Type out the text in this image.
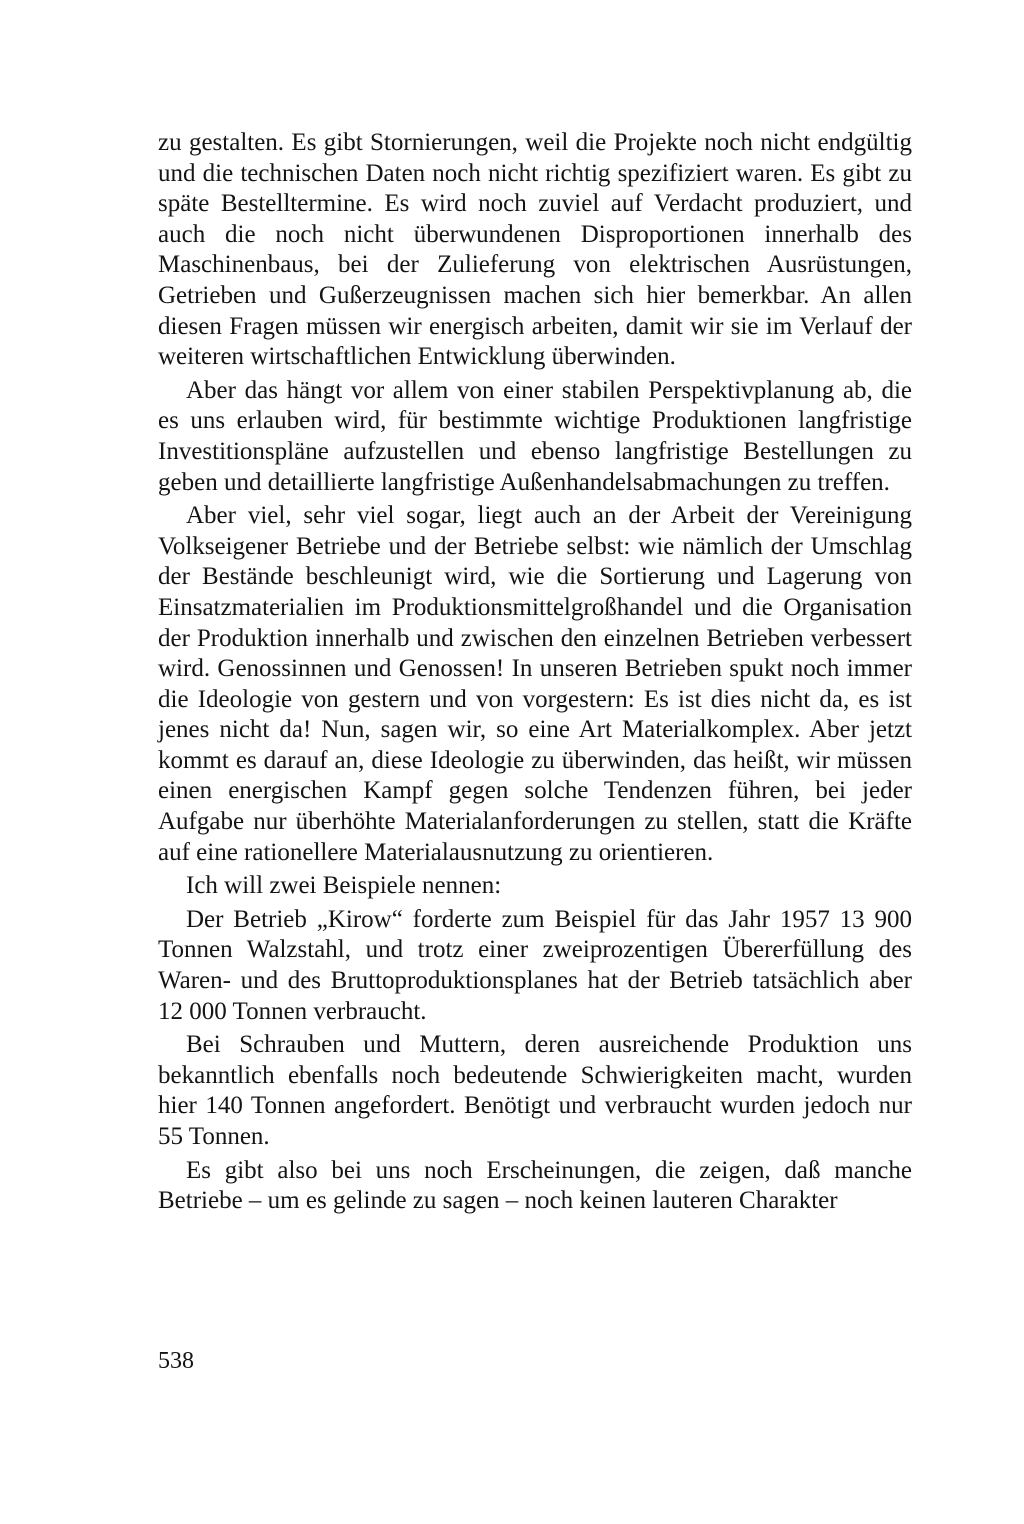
zu gestalten. Es gibt Stornierungen, weil die Projekte noch nicht endgültig und die technischen Daten noch nicht richtig spezifiziert waren. Es gibt zu späte Bestelltermine. Es wird noch zuviel auf Verdacht produziert, und auch die noch nicht überwundenen Disproportionen innerhalb des Maschinenbaus, bei der Zulieferung von elektrischen Ausrüstungen, Getrieben und Gußerzeugnissen machen sich hier bemerkbar. An allen diesen Fragen müssen wir energisch arbeiten, damit wir sie im Verlauf der weiteren wirtschaftlichen Entwicklung überwinden.

Aber das hängt vor allem von einer stabilen Perspektivplanung ab, die es uns erlauben wird, für bestimmte wichtige Produktionen langfristige Investitionspläne aufzustellen und ebenso langfristige Bestellungen zu geben und detaillierte langfristige Außenhandelsabmachungen zu treffen.

Aber viel, sehr viel sogar, liegt auch an der Arbeit der Vereinigung Volkseigener Betriebe und der Betriebe selbst: wie nämlich der Umschlag der Bestände beschleunigt wird, wie die Sortierung und Lagerung von Einsatzmaterialien im Produktionsmittelgroßhandel und die Organisation der Produktion innerhalb und zwischen den einzelnen Betrieben verbessert wird. Genossinnen und Genossen! In unseren Betrieben spukt noch immer die Ideologie von gestern und von vorgestern: Es ist dies nicht da, es ist jenes nicht da! Nun, sagen wir, so eine Art Materialkomplex. Aber jetzt kommt es darauf an, diese Ideologie zu überwinden, das heißt, wir müssen einen energischen Kampf gegen solche Tendenzen führen, bei jeder Aufgabe nur überhöhte Materialanforderungen zu stellen, statt die Kräfte auf eine rationellere Materialausnutzung zu orientieren.

Ich will zwei Beispiele nennen:

Der Betrieb „Kirow“ forderte zum Beispiel für das Jahr 1957 13 900 Tonnen Walzstahl, und trotz einer zweiprozentigen Übererfüllung des Waren- und des Bruttoproduktionsplanes hat der Betrieb tatsächlich aber 12 000 Tonnen verbraucht.

Bei Schrauben und Muttern, deren ausreichende Produktion uns bekanntlich ebenfalls noch bedeutende Schwierigkeiten macht, wurden hier 140 Tonnen angefordert. Benötigt und verbraucht wurden jedoch nur 55 Tonnen.

Es gibt also bei uns noch Erscheinungen, die zeigen, daß manche Betriebe – um es gelinde zu sagen – noch keinen lauteren Charakter

538
